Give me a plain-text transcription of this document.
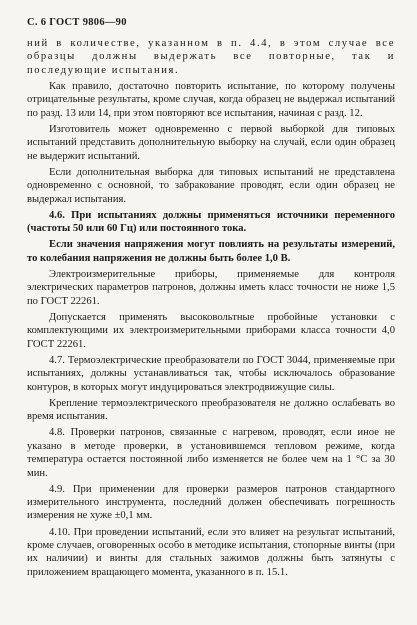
С. 6 ГОСТ 9806—90

ний в количестве, указанном в п. 4.4, в этом случае все образцы должны выдержать все повторные, так и последующие испытания.

Как правило, достаточно повторить испытание, по которому получены отрицательные результаты, кроме случая, когда образец не выдержал испытаний по разд. 13 или 14, при этом повторяют все испытания, начиная с разд. 12.

Изготовитель может одновременно с первой выборкой для типовых испытаний представить дополнительную выборку на случай, если один образец не выдержит испытаний.

Если дополнительная выборка для типовых испытаний не представлена одновременно с основной, то забракование проводят, если один образец не выдержал испытания.

4.6. При испытаниях должны применяться источники переменного (частоты 50 или 60 Гц) или постоянного тока.

Если значения напряжения могут повлиять на результаты измерений, то колебания напряжения не должны быть более 1,0 В.

Электроизмерительные приборы, применяемые для контроля электрических параметров патронов, должны иметь класс точности не ниже 1,5 по ГОСТ 22261.

Допускается применять высоковольтные пробойные установки с комплектующими их электроизмерительными приборами класса точности 4,0 ГОСТ 22261.

4.7. Термоэлектрические преобразователи по ГОСТ 3044, применяемые при испытаниях, должны устанавливаться так, чтобы исключалось образование контуров, в которых могут индуцироваться электродвижущие силы.

Крепление термоэлектрического преобразователя не должно ослабевать во время испытания.

4.8. Проверки патронов, связанные с нагревом, проводят, если иное не указано в методе проверки, в установившемся тепловом режиме, когда температура остается постоянной либо изменяется не более чем на 1 °С за 30 мин.

4.9. При применении для проверки размеров патронов стандартного измерительного инструмента, последний должен обеспечивать погрешность измерения не хуже ±0,1 мм.

4.10. При проведении испытаний, если это влияет на результат испытаний, кроме случаев, оговоренных особо в методике испытания, стопорные винты (при их наличии) и винты для стальных зажимов должны быть затянуты с приложением вращающего момента, указанного в п. 15.1.
